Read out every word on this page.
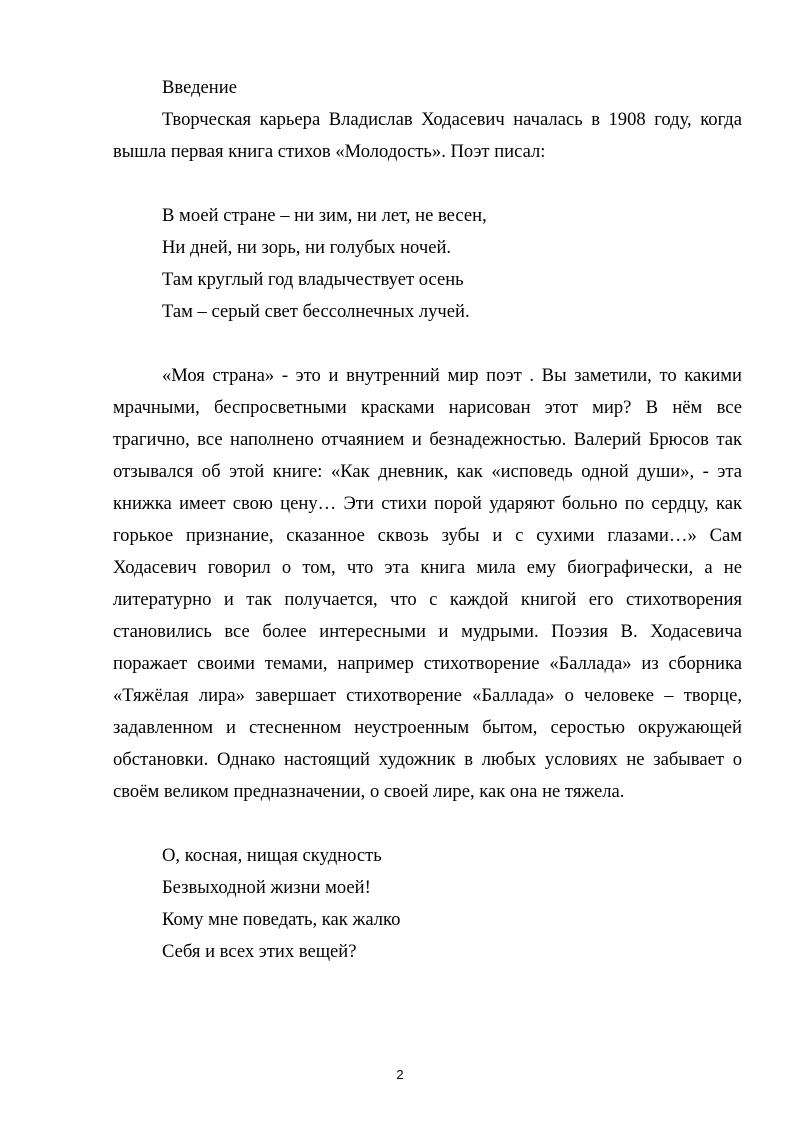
Введение

Творческая карьера Владислав Ходасевич началась в 1908 году, когда вышла первая книга стихов «Молодость». Поэт писал:

В моей стране – ни зим, ни лет, не весен,
Ни дней, ни зорь, ни голубых ночей.
Там круглый год владычествует осень
Там – серый свет бессолнечных лучей.

«Моя страна» - это и внутренний мир поэт . Вы заметили, то какими мрачными, беспросветными красками нарисован этот мир? В нём все трагично, все наполнено отчаянием и безнадежностью. Валерий Брюсов так отзывался об этой книге: «Как дневник, как «исповедь одной души», - эта книжка имеет свою цену… Эти стихи порой ударяют больно по сердцу, как горькое признание, сказанное сквозь зубы и с сухими глазами…» Сам Ходасевич говорил о том, что эта книга мила ему биографически, а не литературно и так получается, что с каждой книгой его стихотворения становились все более интересными и мудрыми. Поэзия В. Ходасевича поражает своими темами, например стихотворение «Баллада» из сборника «Тяжёлая лира» завершает стихотворение «Баллада» о человеке – творце, задавленном и стесненном неустроенным бытом, серостью окружающей обстановки. Однако настоящий художник в любых условиях не забывает о своём великом предназначении, о своей лире, как она не тяжела.

О, косная, нищая скудность
Безвыходной жизни моей!
Кому мне поведать, как жалко
Себя и всех этих вещей?
2
